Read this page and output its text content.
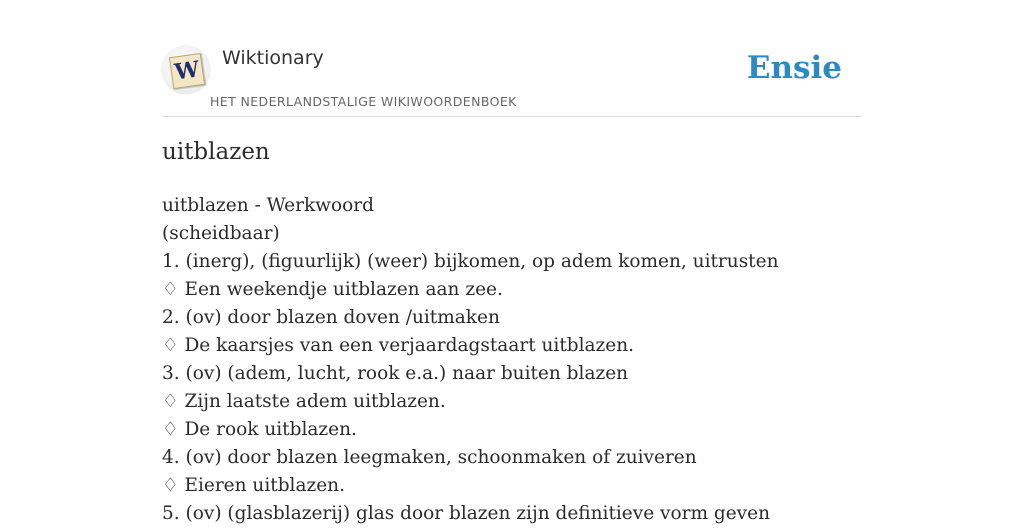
W Wiktionary
HET NEDERLANDSTALIGE WIKIWOORDENBOEK
Ensie
uitblazen
uitblazen - Werkwoord
(scheidbaar)
1. (inerg), (figuurlijk) (weer) bijkomen, op adem komen, uitrusten
♢ Een weekendje uitblazen aan zee.
2. (ov) door blazen doven /uitmaken
♢ De kaarsjes van een verjaardagstaart uitblazen.
3. (ov) (adem, lucht, rook e.a.) naar buiten blazen
♢ Zijn laatste adem uitblazen.
♢ De rook uitblazen.
4. (ov) door blazen leegmaken, schoonmaken of zuiveren
♢ Eieren uitblazen.
5. (ov) (glasblazerij) glas door blazen zijn definitieve vorm geven
